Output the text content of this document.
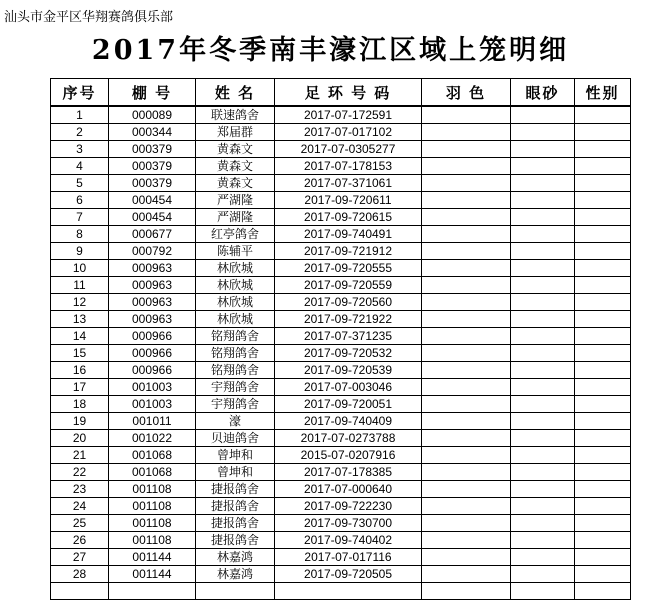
汕头市金平区华翔赛鸽俱乐部
2017年冬季南丰濠江区域上笼明细
序号	棚 号	姓 名	足 环 号 码	羽 色	眼砂	性别
1	000089	联速鸽舍	2017-07-172591			
2	000344	郑届群	2017-07-017102			
3	000379	黄森文	2017-07-0305277			
4	000379	黄森文	2017-07-178153			
5	000379	黄森文	2017-07-371061			
6	000454	严湖隆	2017-09-720611			
7	000454	严湖隆	2017-09-720615			
8	000677	红亭鸽舍	2017-09-740491			
9	000792	陈辅平	2017-09-721912			
10	000963	林欣城	2017-09-720555			
11	000963	林欣城	2017-09-720559			
12	000963	林欣城	2017-09-720560			
13	000963	林欣城	2017-09-721922			
14	000966	铭翔鸽舍	2017-07-371235			
15	000966	铭翔鸽舍	2017-09-720532			
16	000966	铭翔鸽舍	2017-09-720539			
17	001003	宇翔鸽舍	2017-07-003046			
18	001003	宇翔鸽舍	2017-09-720051			
19	001011	濠	2017-09-740409			
20	001022	贝迪鸽舍	2017-07-0273788			
21	001068	曾坤和	2015-07-0207916			
22	001068	曾坤和	2017-07-178385			
23	001108	捷报鸽舍	2017-07-000640			
24	001108	捷报鸽舍	2017-09-722230			
25	001108	捷报鸽舍	2017-09-730700			
26	001108	捷报鸽舍	2017-09-740402			
27	001144	林嘉鸿	2017-07-017116			
28	001144	林嘉鸿	2017-09-720505			
